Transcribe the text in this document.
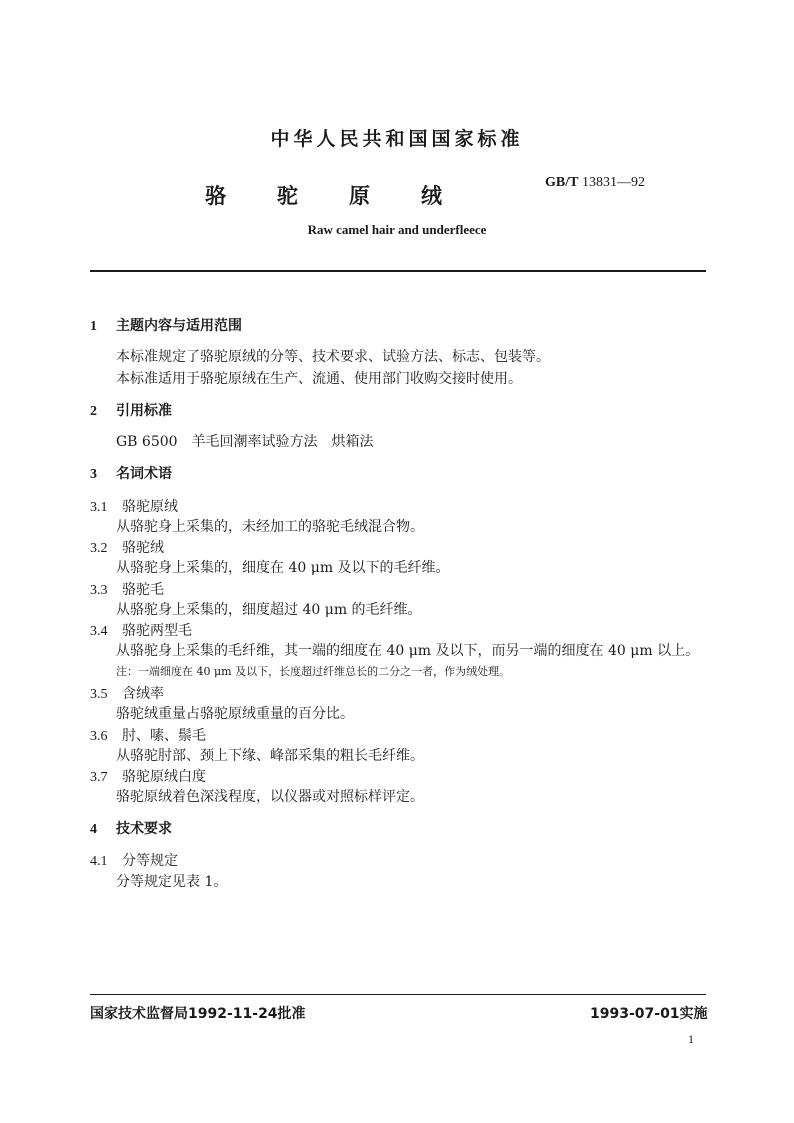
中华人民共和国国家标准
骆 驼 原 绒
GB/T 13831—92
Raw camel hair and underfleece
1 主题内容与适用范围
本标准规定了骆驼原绒的分等、技术要求、试验方法、标志、包装等。
本标准适用于骆驼原绒在生产、流通、使用部门收购交接时使用。
2 引用标准
GB 6500　羊毛回潮率试验方法　烘箱法
3 名词术语
3.1 骆驼原绒
从骆驼身上采集的，未经加工的骆驼毛绒混合物。
3.2 骆驼绒
从骆驼身上采集的，细度在 40 μm 及以下的毛纤维。
3.3 骆驼毛
从骆驼身上采集的，细度超过 40 μm 的毛纤维。
3.4 骆驼两型毛
从骆驼身上采集的毛纤维，其一端的细度在 40 μm 及以下，而另一端的细度在 40 μm 以上。
注：一端细度在 40 μm 及以下，长度超过纤维总长的二分之一者，作为绒处理。
3.5 含绒率
骆驼绒重量占骆驼原绒重量的百分比。
3.6 肘、嗉、鬃毛
从骆驼肘部、颈上下缘、峰部采集的粗长毛纤维。
3.7 骆驼原绒白度
骆驼原绒着色深浅程度，以仪器或对照标样评定。
4 技术要求
4.1 分等规定
分等规定见表 1。
国家技术监督局1992-11-24批准	1993-07-01实施
1
